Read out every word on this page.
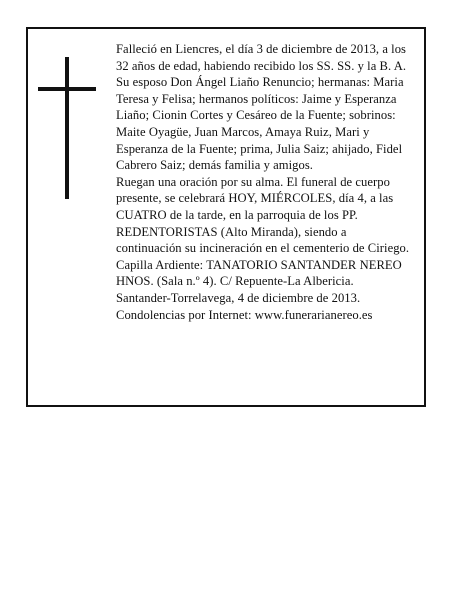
Falleció en Liencres, el día 3 de diciembre de 2013, a los 32 años de edad, habiendo recibido los SS. SS. y la B. A.

Su esposo Don Ángel Liaño Renuncio; hermanas: Maria Teresa y Felisa; hermanos políticos: Jaime y Esperanza Liaño; Cionin Cortes y Cesáreo de la Fuente; sobrinos: Maite Oyagüe, Juan Marcos, Amaya Ruiz, Mari y Esperanza de la Fuente; prima, Julia Saiz; ahijado, Fidel Cabrero Saiz; demás familia y amigos.

Ruegan una oración por su alma. El funeral de cuerpo presente, se celebrará HOY, MIÉRCOLES, día 4, a las CUATRO de la tarde, en la parroquia de los PP. REDENTORISTAS (Alto Miranda), siendo a continuación su incineración en el cementerio de Ciriego. Capilla Ardiente: TANATORIO SANTANDER NEREO HNOS. (Sala n.º 4). C/ Repuente-La Albericia.

Santander-Torrelavega, 4 de diciembre de 2013.

Condolencias por Internet: www.funerarianereo.es
